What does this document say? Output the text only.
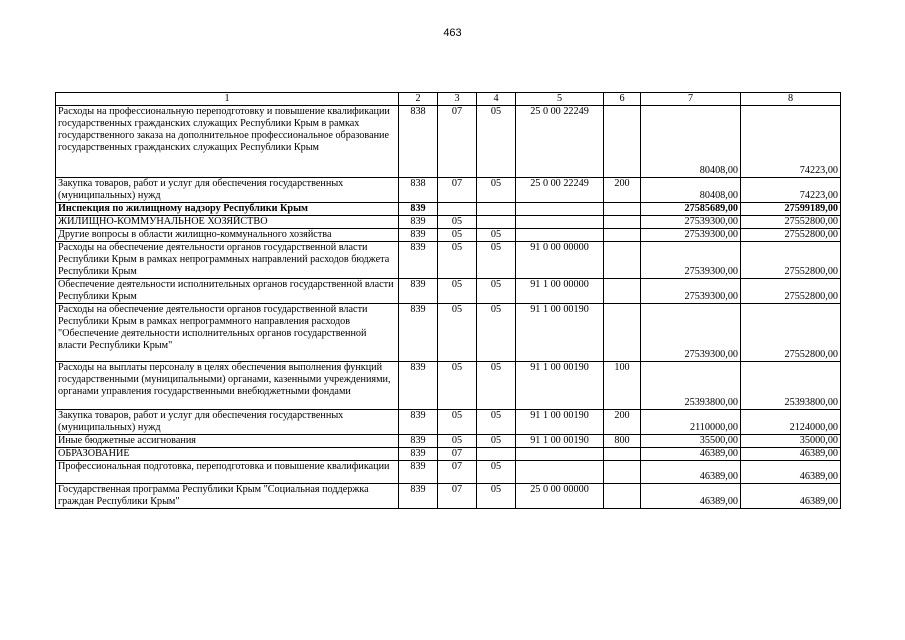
463
1	2	3	4	5	6	7	8
Расходы на профессиональную переподготовку и повышение квалификации государственных гражданских служащих Республики Крым в рамках государственного заказа на дополнительное профессиональное образование государственных гражданских служащих Республики Крым	838	07	05	25 0 00 22249		80408,00	74223,00
Закупка товаров, работ и услуг для обеспечения государственных (муниципальных) нужд	838	07	05	25 0 00 22249	200	80408,00	74223,00
Инспекция по жилищному надзору Республики Крым	839					27585689,00	27599189,00
ЖИЛИЩНО-КОММУНАЛЬНОЕ ХОЗЯЙСТВО	839	05				27539300,00	27552800,00
Другие вопросы в области жилищно-коммунального хозяйства	839	05	05			27539300,00	27552800,00
Расходы на обеспечение деятельности органов государственной власти Республики Крым в рамках непрограммных направлений расходов бюджета Республики Крым	839	05	05	91 0 00 00000		27539300,00	27552800,00
Обеспечение деятельности исполнительных органов государственной власти Республики Крым	839	05	05	91 1 00 00000		27539300,00	27552800,00
Расходы на обеспечение деятельности органов государственной власти Республики Крым в рамках непрограммного направления расходов "Обеспечение деятельности исполнительных органов государственной власти Республики Крым"	839	05	05	91 1 00 00190		27539300,00	27552800,00
Расходы на выплаты персоналу в целях обеспечения выполнения функций государственными (муниципальными) органами, казенными учреждениями, органами управления государственными внебюджетными фондами	839	05	05	91 1 00 00190	100	25393800,00	25393800,00
Закупка товаров, работ и услуг для обеспечения государственных (муниципальных) нужд	839	05	05	91 1 00 00190	200	2110000,00	2124000,00
Иные бюджетные ассигнования	839	05	05	91 1 00 00190	800	35500,00	35000,00
ОБРАЗОВАНИЕ	839	07				46389,00	46389,00
Профессиональная подготовка, переподготовка и повышение квалификации	839	07	05			46389,00	46389,00
Государственная программа Республики Крым "Социальная поддержка граждан Республики Крым"	839	07	05	25 0 00 00000		46389,00	46389,00
